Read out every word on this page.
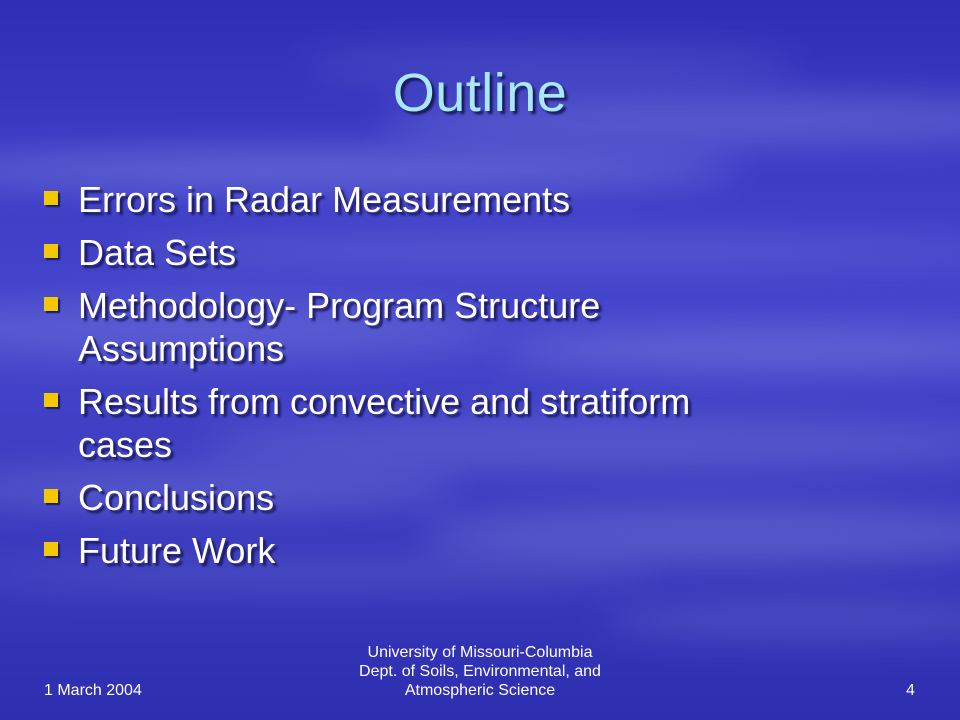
Outline
Errors in Radar Measurements
Data Sets
Methodology- Program Structure
Assumptions
Results from convective and stratiform
cases
Conclusions
Future Work
1 March 2004
University of Missouri-Columbia
Dept. of Soils, Environmental, and
Atmospheric Science	4
